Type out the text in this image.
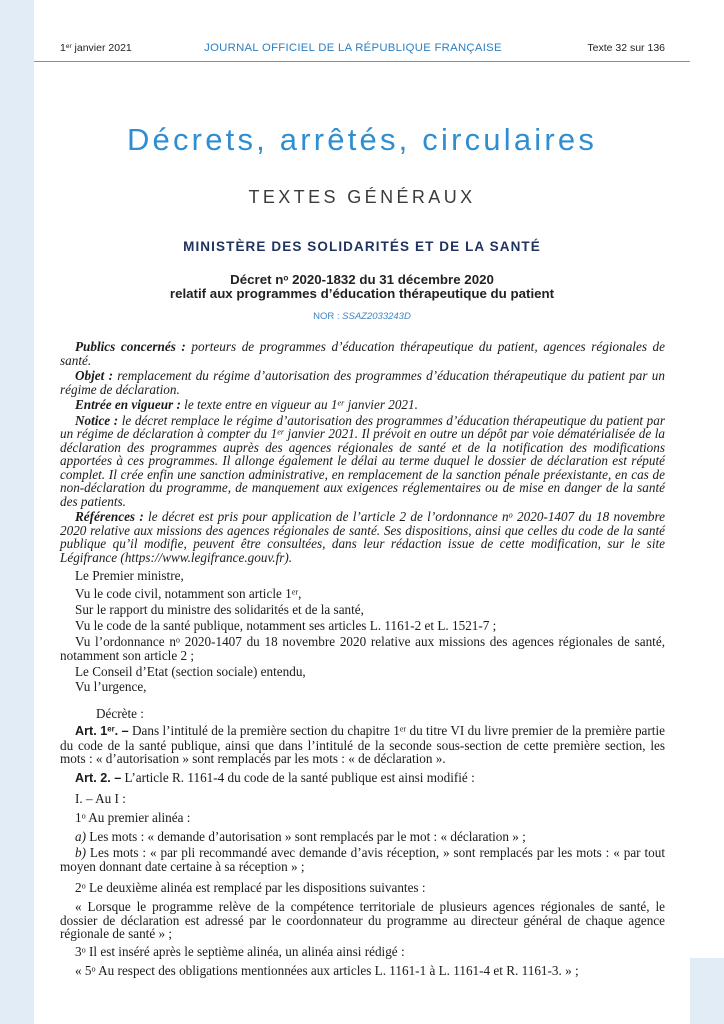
1er janvier 2021	JOURNAL OFFICIEL DE LA RÉPUBLIQUE FRANÇAISE	Texte 32 sur 136
Décrets, arrêtés, circulaires
TEXTES GÉNÉRAUX
MINISTÈRE DES SOLIDARITÉS ET DE LA SANTÉ
Décret $n^o$ 2020-1832 du 31 décembre 2020
relatif aux programmes d’éducation thérapeutique du patient
NOR : SSAZ2033243D

Publics concernés : porteurs de programmes d’éducation thérapeutique du patient, agences régionales de santé.

Objet : remplacement du régime d’autorisation des programmes d’éducation thérapeutique du patient par un régime de déclaration.

Entrée en vigueur : le texte entre en vigueur au 1er janvier 2021.

Notice : le décret remplace le régime d’autorisation des programmes d’éducation thérapeutique du patient par un régime de déclaration à compter du 1er janvier 2021. Il prévoit en outre un dépôt par voie dématérialisée de la déclaration des programmes auprès des agences régionales de santé et de la notification des modifications apportées à ces programmes. Il allonge également le délai au terme duquel le dossier de déclaration est réputé complet. Il crée enfin une sanction administrative, en remplacement de la sanction pénale préexistante, en cas de non-déclaration du programme, de manquement aux exigences réglementaires ou de mise en danger de la santé des patients.

Références : le décret est pris pour application de l’article 2 de l’ordonnance $n^o$ 2020-1407 du 18 novembre 2020 relative aux missions des agences régionales de santé. Ses dispositions, ainsi que celles du code de la santé publique qu’il modifie, peuvent être consultées, dans leur rédaction issue de cette modification, sur le site Légifrance (https://www.legifrance.gouv.fr).

Le Premier ministre,

Vu le code civil, notamment son article 1er,

Sur le rapport du ministre des solidarités et de la santé,

Vu le code de la santé publique, notamment ses articles L. 1161-2 et L. 1521-7 ;

Vu l’ordonnance $n^o$ 2020-1407 du 18 novembre 2020 relative aux missions des agences régionales de santé, notamment son article 2 ;

Le Conseil d’Etat (section sociale) entendu,

Vu l’urgence,

Décrète :

Art. 1er. – Dans l’intitulé de la première section du chapitre 1er du titre VI du livre premier de la première partie du code de la santé publique, ainsi que dans l’intitulé de la seconde sous-section de cette première section, les mots : « d’autorisation » sont remplacés par les mots : « de déclaration ».

Art. 2. – L’article R. 1161-4 du code de la santé publique est ainsi modifié :

I. – Au I :

1$^o$ Au premier alinéa :

a) Les mots : « demande d’autorisation » sont remplacés par le mot : « déclaration » ;

b) Les mots : « par pli recommandé avec demande d’avis réception, » sont remplacés par les mots : « par tout moyen donnant date certaine à sa réception » ;

2$^o$ Le deuxième alinéa est remplacé par les dispositions suivantes :

« Lorsque le programme relève de la compétence territoriale de plusieurs agences régionales de santé, le dossier de déclaration est adressé par le coordonnateur du programme au directeur général de chaque agence régionale de santé » ;

3$^o$ Il est inséré après le septième alinéa, un alinéa ainsi rédigé :

« 5$^o$ Au respect des obligations mentionnées aux articles L. 1161-1 à L. 1161-4 et R. 1161-3. » ;
